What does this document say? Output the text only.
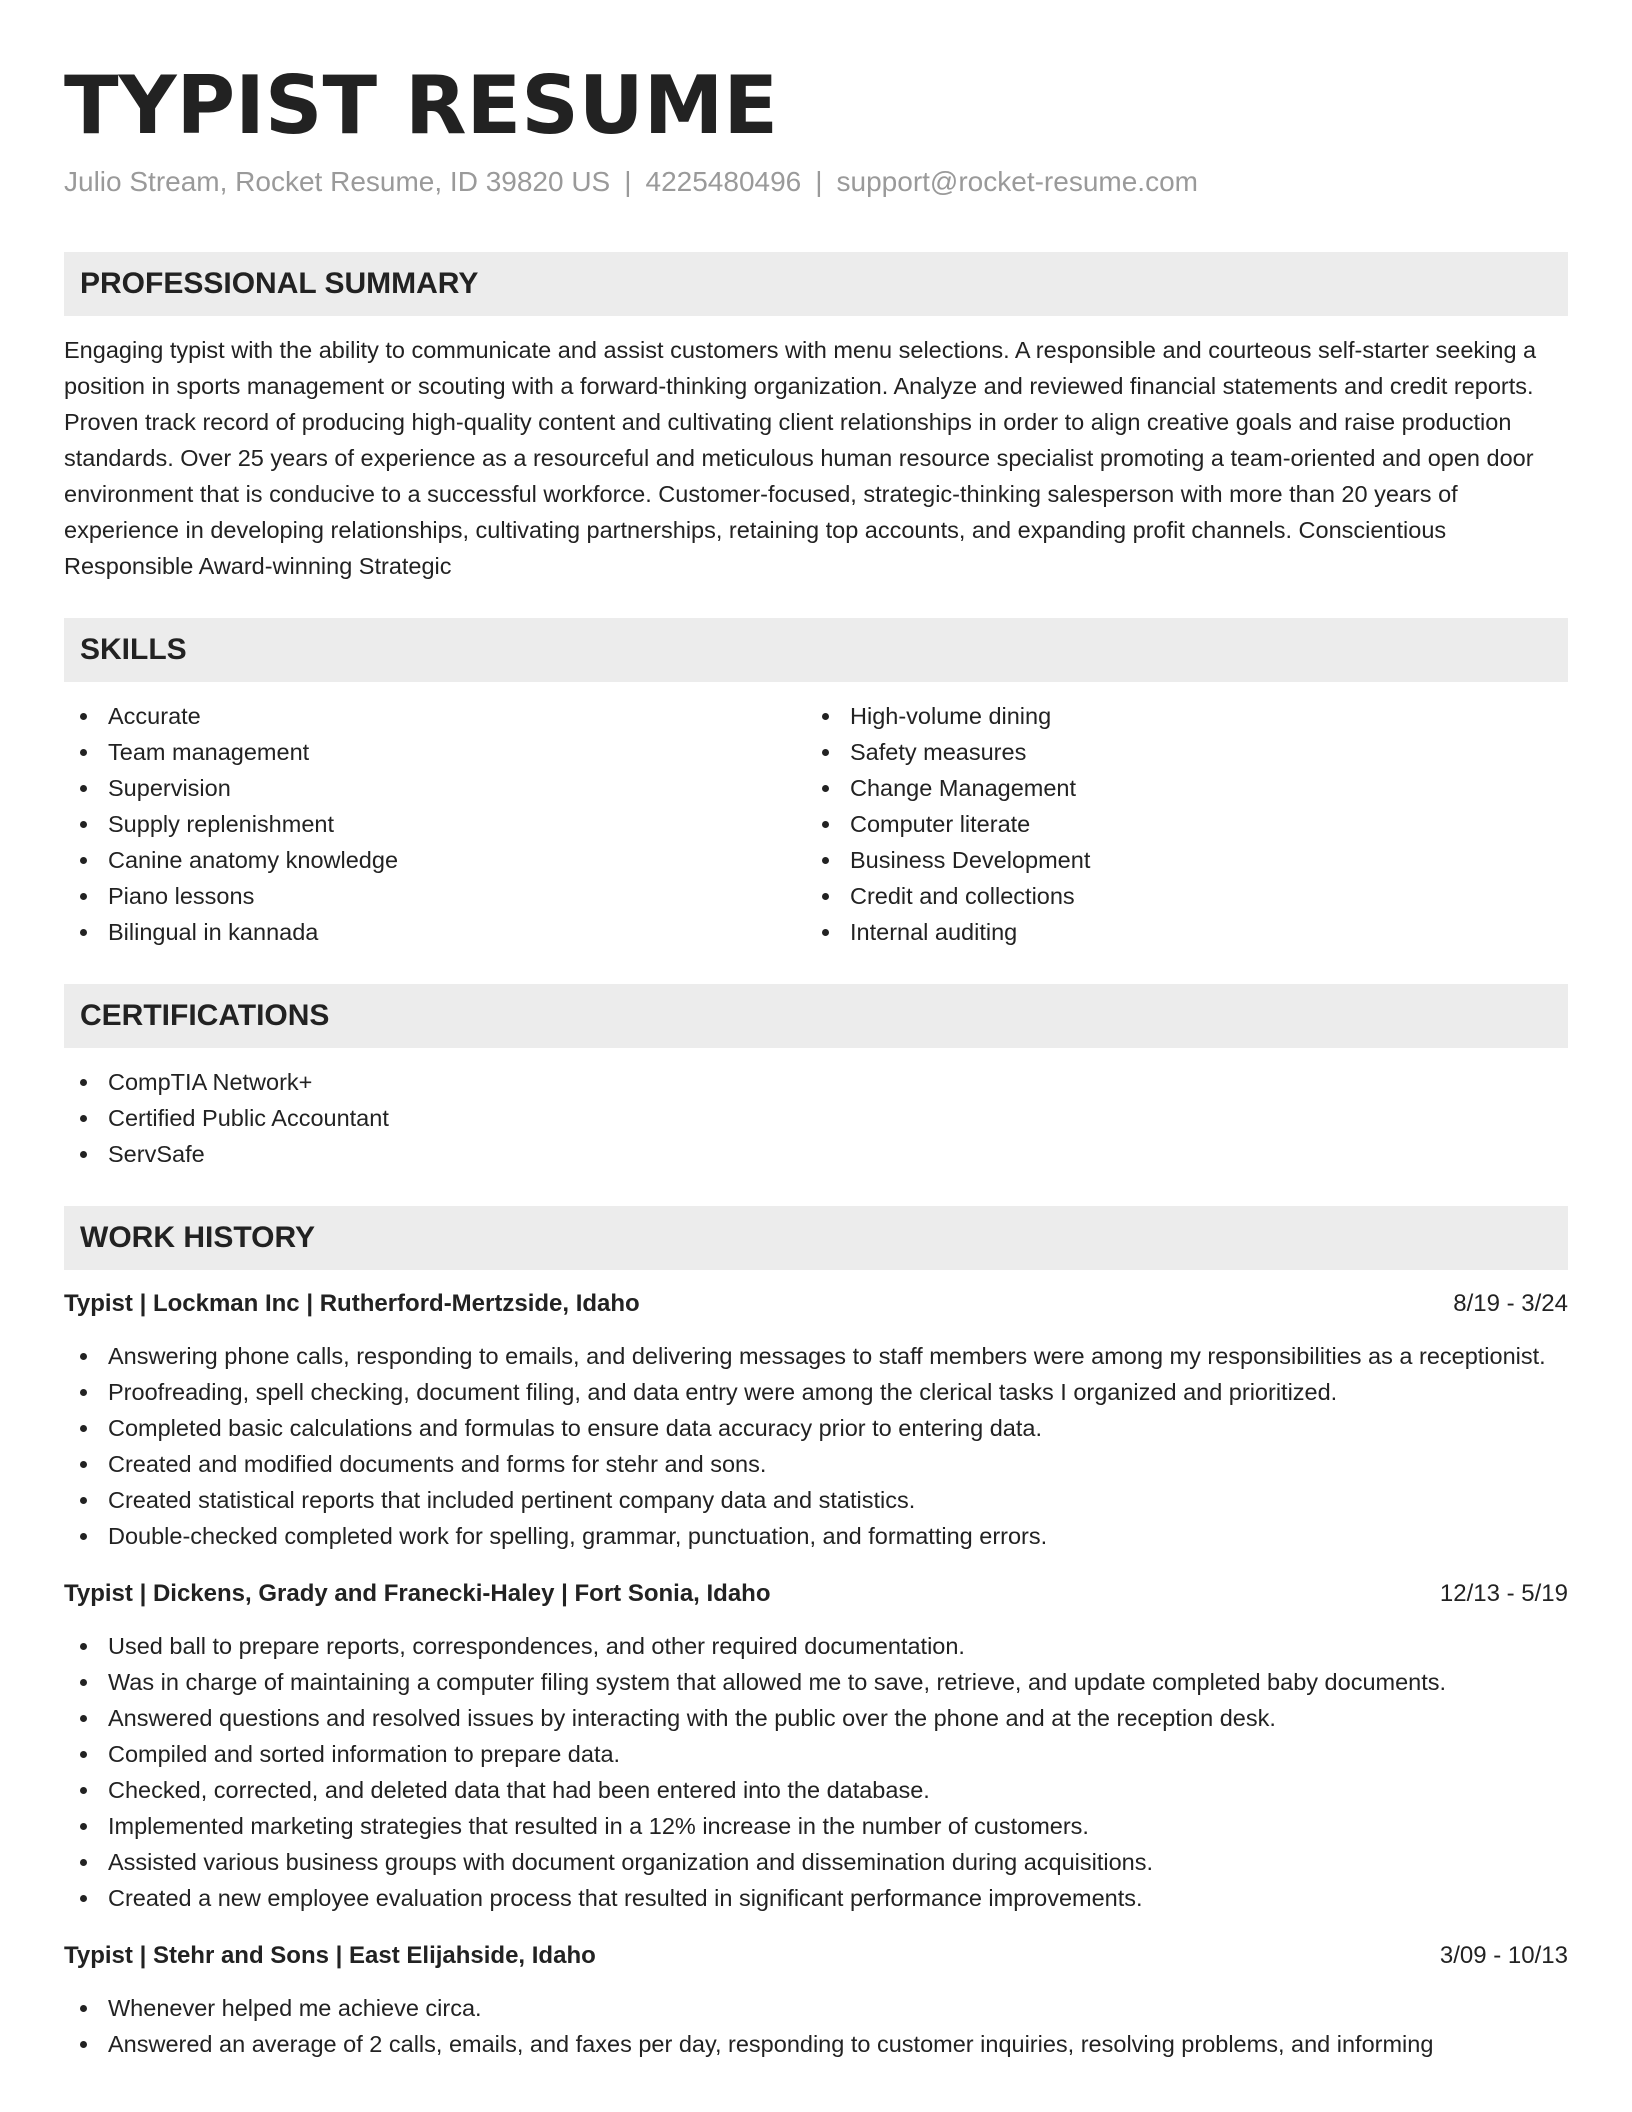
TYPIST RESUME
Julio Stream, Rocket Resume, ID 39820 US | 4225480496 | support@rocket-resume.com
PROFESSIONAL SUMMARY

Engaging typist with the ability to communicate and assist customers with menu selections. A responsible and courteous self-starter seeking a position in sports management or scouting with a forward-thinking organization. Analyze and reviewed financial statements and credit reports. Proven track record of producing high-quality content and cultivating client relationships in order to align creative goals and raise production standards. Over 25 years of experience as a resourceful and meticulous human resource specialist promoting a team-oriented and open door environment that is conducive to a successful workforce. Customer-focused, strategic-thinking salesperson with more than 20 years of experience in developing relationships, cultivating partnerships, retaining top accounts, and expanding profit channels. Conscientious Responsible Award-winning Strategic

SKILLS
Accurate
Team management
Supervision
Supply replenishment
Canine anatomy knowledge
Piano lessons
Bilingual in kannada
High-volume dining
Safety measures
Change Management
Computer literate
Business Development
Credit and collections
Internal auditing
CERTIFICATIONS
CompTIA Network+
Certified Public Accountant
ServSafe
WORK HISTORY
Typist | Lockman Inc | Rutherford-Mertzside, Idaho	8/19 - 3/24
Answering phone calls, responding to emails, and delivering messages to staff members were among my responsibilities as a receptionist.
Proofreading, spell checking, document filing, and data entry were among the clerical tasks I organized and prioritized.
Completed basic calculations and formulas to ensure data accuracy prior to entering data.
Created and modified documents and forms for stehr and sons.
Created statistical reports that included pertinent company data and statistics.
Double-checked completed work for spelling, grammar, punctuation, and formatting errors.
Typist | Dickens, Grady and Franecki-Haley | Fort Sonia, Idaho	12/13 - 5/19
Used ball to prepare reports, correspondences, and other required documentation.
Was in charge of maintaining a computer filing system that allowed me to save, retrieve, and update completed baby documents.
Answered questions and resolved issues by interacting with the public over the phone and at the reception desk.
Compiled and sorted information to prepare data.
Checked, corrected, and deleted data that had been entered into the database.
Implemented marketing strategies that resulted in a 12% increase in the number of customers.
Assisted various business groups with document organization and dissemination during acquisitions.
Created a new employee evaluation process that resulted in significant performance improvements.
Typist | Stehr and Sons | East Elijahside, Idaho	3/09 - 10/13
Whenever helped me achieve circa.
Answered an average of 2 calls, emails, and faxes per day, responding to customer inquiries, resolving problems, and informing
